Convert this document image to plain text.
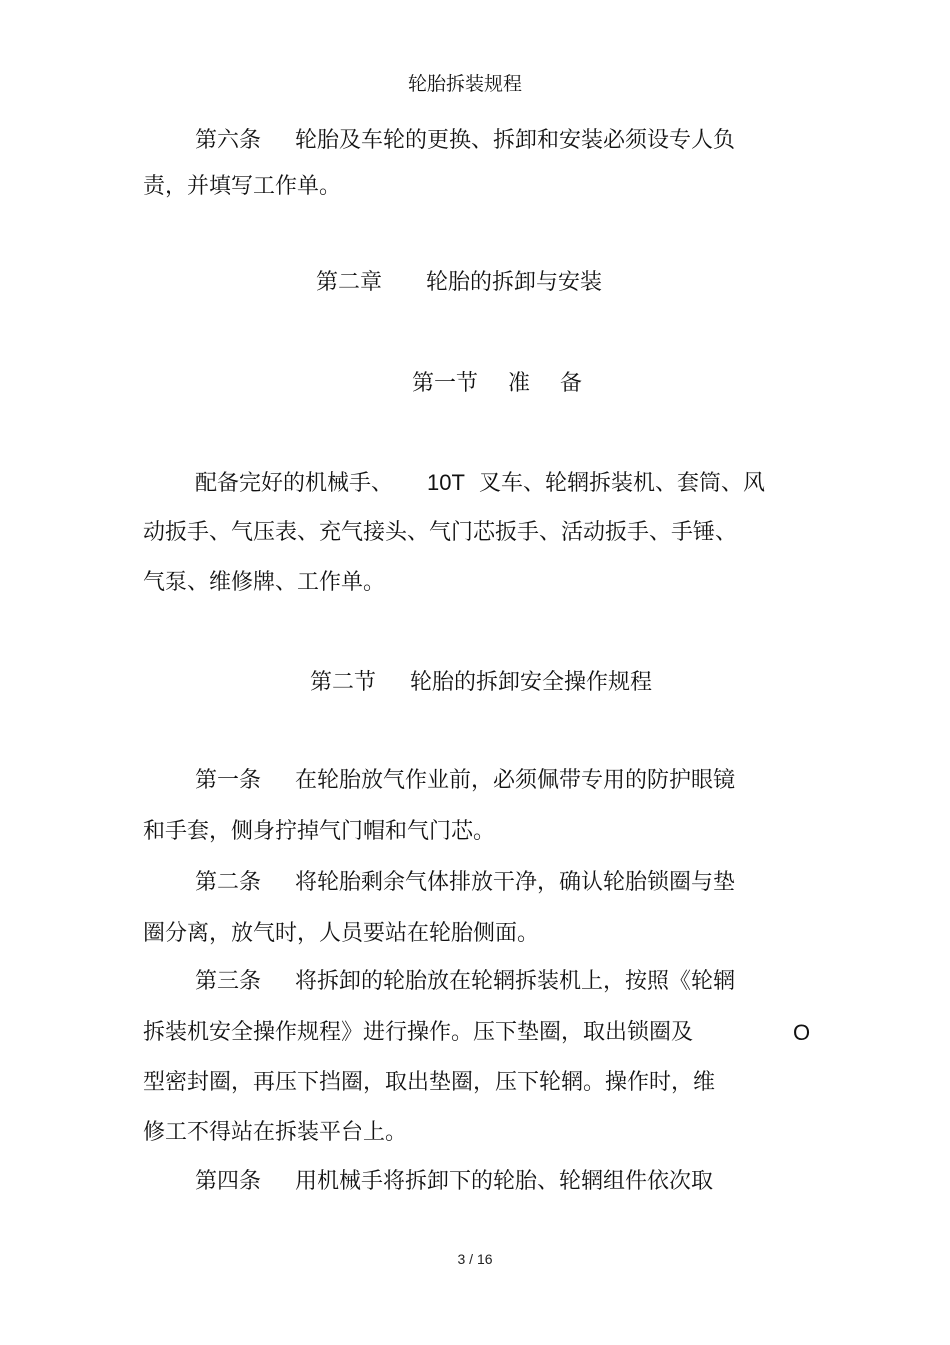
轮胎拆装规程
第六条 轮胎及车轮的更换、拆卸和安装必须设专人负
责，并填写工作单。
第二章 轮胎的拆卸与安装
第一节 准 备
配备完好的机械手、 10T 叉车、轮辋拆装机、套筒、风
动扳手、气压表、充气接头、气门芯扳手、活动扳手、手锤、
气泵、维修牌、工作单。
第二节 轮胎的拆卸安全操作规程
第一条 在轮胎放气作业前，必须佩带专用的防护眼镜
和手套，侧身拧掉气门帽和气门芯。
第二条 将轮胎剩余气体排放干净，确认轮胎锁圈与垫
圈分离，放气时，人员要站在轮胎侧面。
第三条 将拆卸的轮胎放在轮辋拆装机上，按照《轮辋
拆装机安全操作规程》进行操作。压下垫圈，取出锁圈及	O
型密封圈，再压下挡圈，取出垫圈，压下轮辋。操作时，维
修工不得站在拆装平台上。
第四条 用机械手将拆卸下的轮胎、轮辋组件依次取
3 / 16
